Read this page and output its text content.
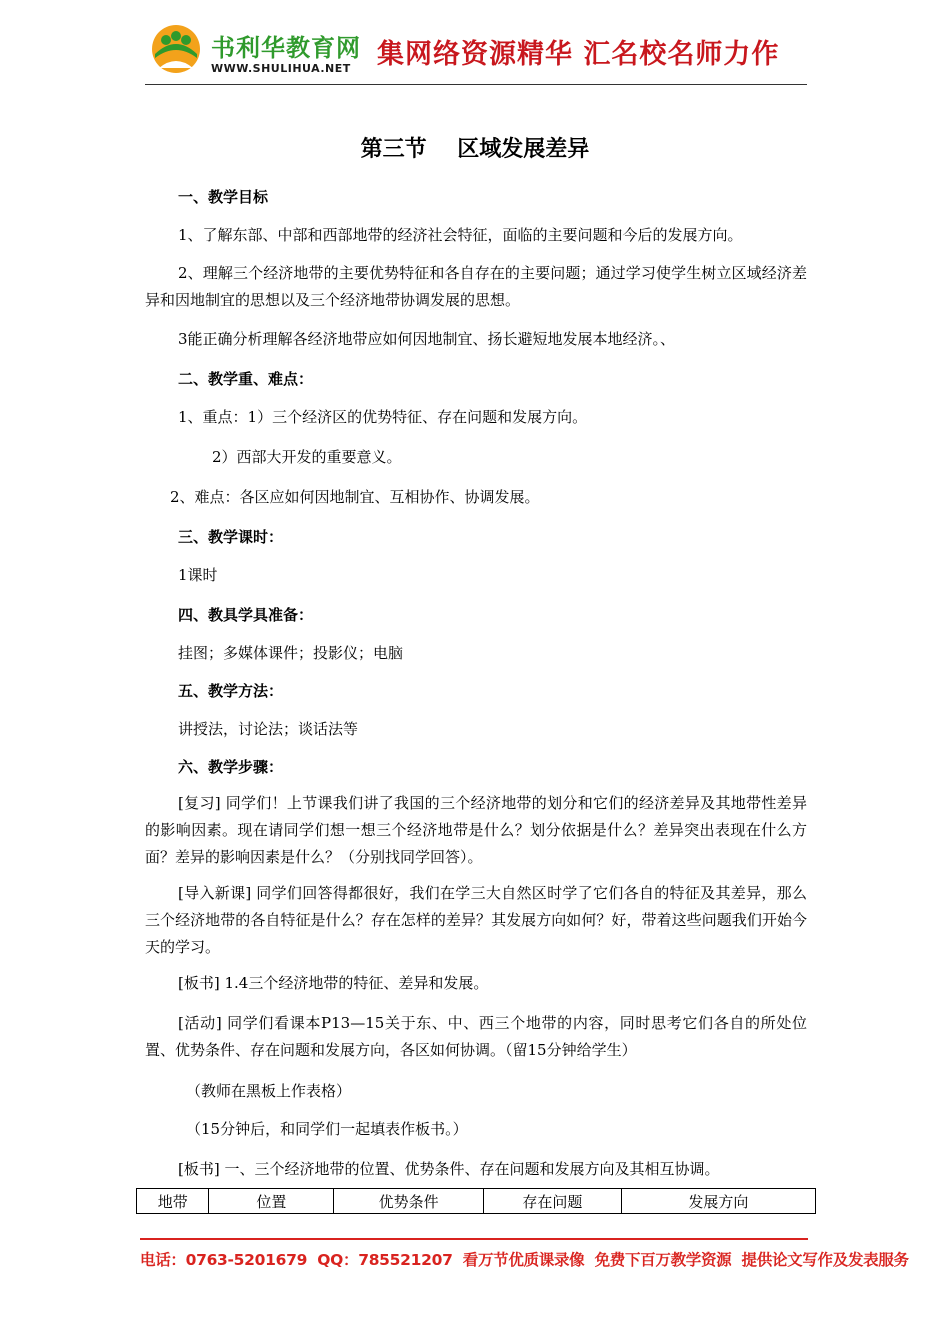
书利华教育网
WWW.SHULIHUA.NET 集网络资源精华 汇名校名师力作
第三节    区域发展差异
一、教学目标
1、了解东部、中部和西部地带的经济社会特征，面临的主要问题和今后的发展方向。
2、理解三个经济地带的主要优势特征和各自存在的主要问题；通过学习使学生树立区域经济差异和因地制宜的思想以及三个经济地带协调发展的思想。
3能正确分析理解各经济地带应如何因地制宜、扬长避短地发展本地经济。、
二、教学重、难点：
1、重点：1）三个经济区的优势特征、存在问题和发展方向。
2）西部大开发的重要意义。
2、难点：各区应如何因地制宜、互相协作、协调发展。
三、教学课时：
1课时
四、教具学具准备：
挂图；多媒体课件；投影仪；电脑
五、教学方法：
讲授法，讨论法；谈话法等
六、教学步骤：
[复习] 同学们！上节课我们讲了我国的三个经济地带的划分和它们的经济差异及其地带性差异的影响因素。现在请同学们想一想三个经济地带是什么？划分依据是什么？差异突出表现在什么方面？差异的影响因素是什么？（分别找同学回答）。
[导入新课] 同学们回答得都很好，我们在学三大自然区时学了它们各自的特征及其差异，那么三个经济地带的各自特征是什么？存在怎样的差异？其发展方向如何？好，带着这些问题我们开始今天的学习。
[板书] 1.4三个经济地带的特征、差异和发展。
[活动] 同学们看课本P13—15关于东、中、西三个地带的内容，同时思考它们各自的所处位置、优势条件、存在问题和发展方向，各区如何协调。（留15分钟给学生）
（教师在黑板上作表格）
（15分钟后，和同学们一起填表作板书。）
[板书] 一、三个经济地带的位置、优势条件、存在问题和发展方向及其相互协调。
地带	位置	优势条件	存在问题	发展方向
电话：0763-5201679  QQ：785521207  看万节优质课录像  免费下百万教学资源  提供论文写作及发表服务
